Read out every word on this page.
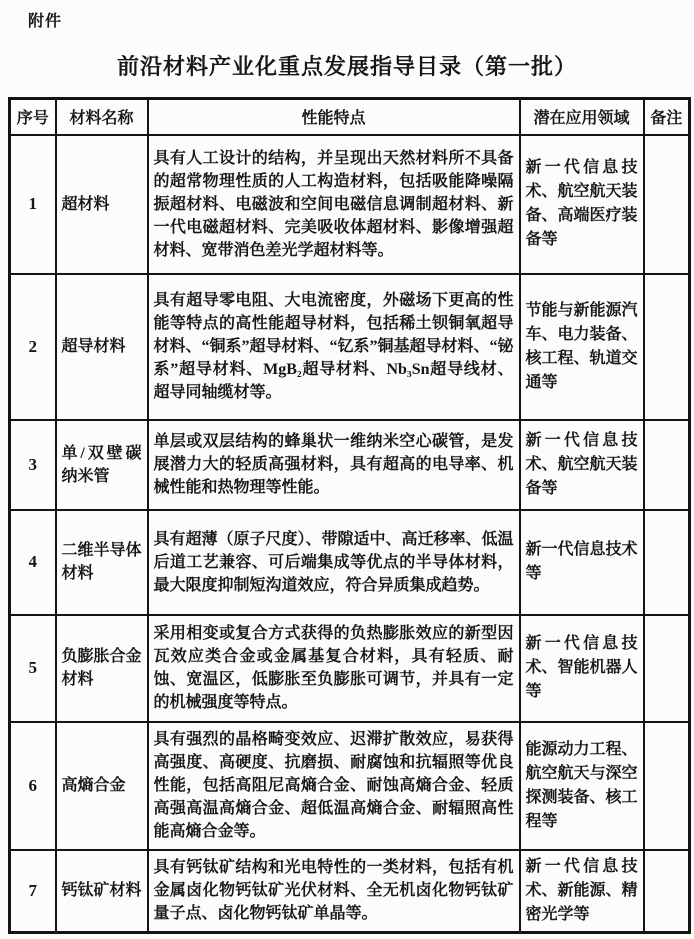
附件
前沿材料产业化重点发展指导目录（第一批）
序号	材料名称	性能特点	潜在应用领域	备注
1	超材料	具有人工设计的结构，并呈现出天然材料所不具备的超常物理性质的人工构造材料，包括吸能降噪隔振超材料、电磁波和空间电磁信息调制超材料、新一代电磁超材料、完美吸收体超材料、影像增强超材料、宽带消色差光学超材料等。	新一代信息技术、航空航天装备、高端医疗装备等	
2	超导材料	具有超导零电阻、大电流密度，外磁场下更高的性能等特点的高性能超导材料，包括稀土钡铜氧超导材料、“铜系”超导材料、“钇系”铜基超导材料、“铋系”超导材料、MgB₂超导材料、Nb₃Sn超导线材、超导同轴缆材等。	节能与新能源汽车、电力装备、核工程、轨道交通等	
3	单/双壁碳纳米管	单层或双层结构的蜂巢状一维纳米空心碳管，是发展潜力大的轻质高强材料，具有超高的电导率、机械性能和热物理等性能。	新一代信息技术、航空航天装备等	
4	二维半导体材料	具有超薄（原子尺度）、带隙适中、高迁移率、低温后道工艺兼容、可后端集成等优点的半导体材料，最大限度抑制短沟道效应，符合异质集成趋势。	新一代信息技术等	
5	负膨胀合金材料	采用相变或复合方式获得的负热膨胀效应的新型因瓦效应类合金或金属基复合材料，具有轻质、耐蚀、宽温区，低膨胀至负膨胀可调节，并具有一定的机械强度等特点。	新一代信息技术、智能机器人等	
6	高熵合金	具有强烈的晶格畸变效应、迟滞扩散效应，易获得高强度、高硬度、抗磨损、耐腐蚀和抗辐照等优良性能，包括高阻尼高熵合金、耐蚀高熵合金、轻质高强高温高熵合金、超低温高熵合金、耐辐照高性能高熵合金等。	能源动力工程、航空航天与深空探测装备、核工程等	
7	钙钛矿材料	具有钙钛矿结构和光电特性的一类材料，包括有机金属卤化物钙钛矿光伏材料、全无机卤化物钙钛矿量子点、卤化物钙钛矿单晶等。	新一代信息技术、新能源、精密光学等	
